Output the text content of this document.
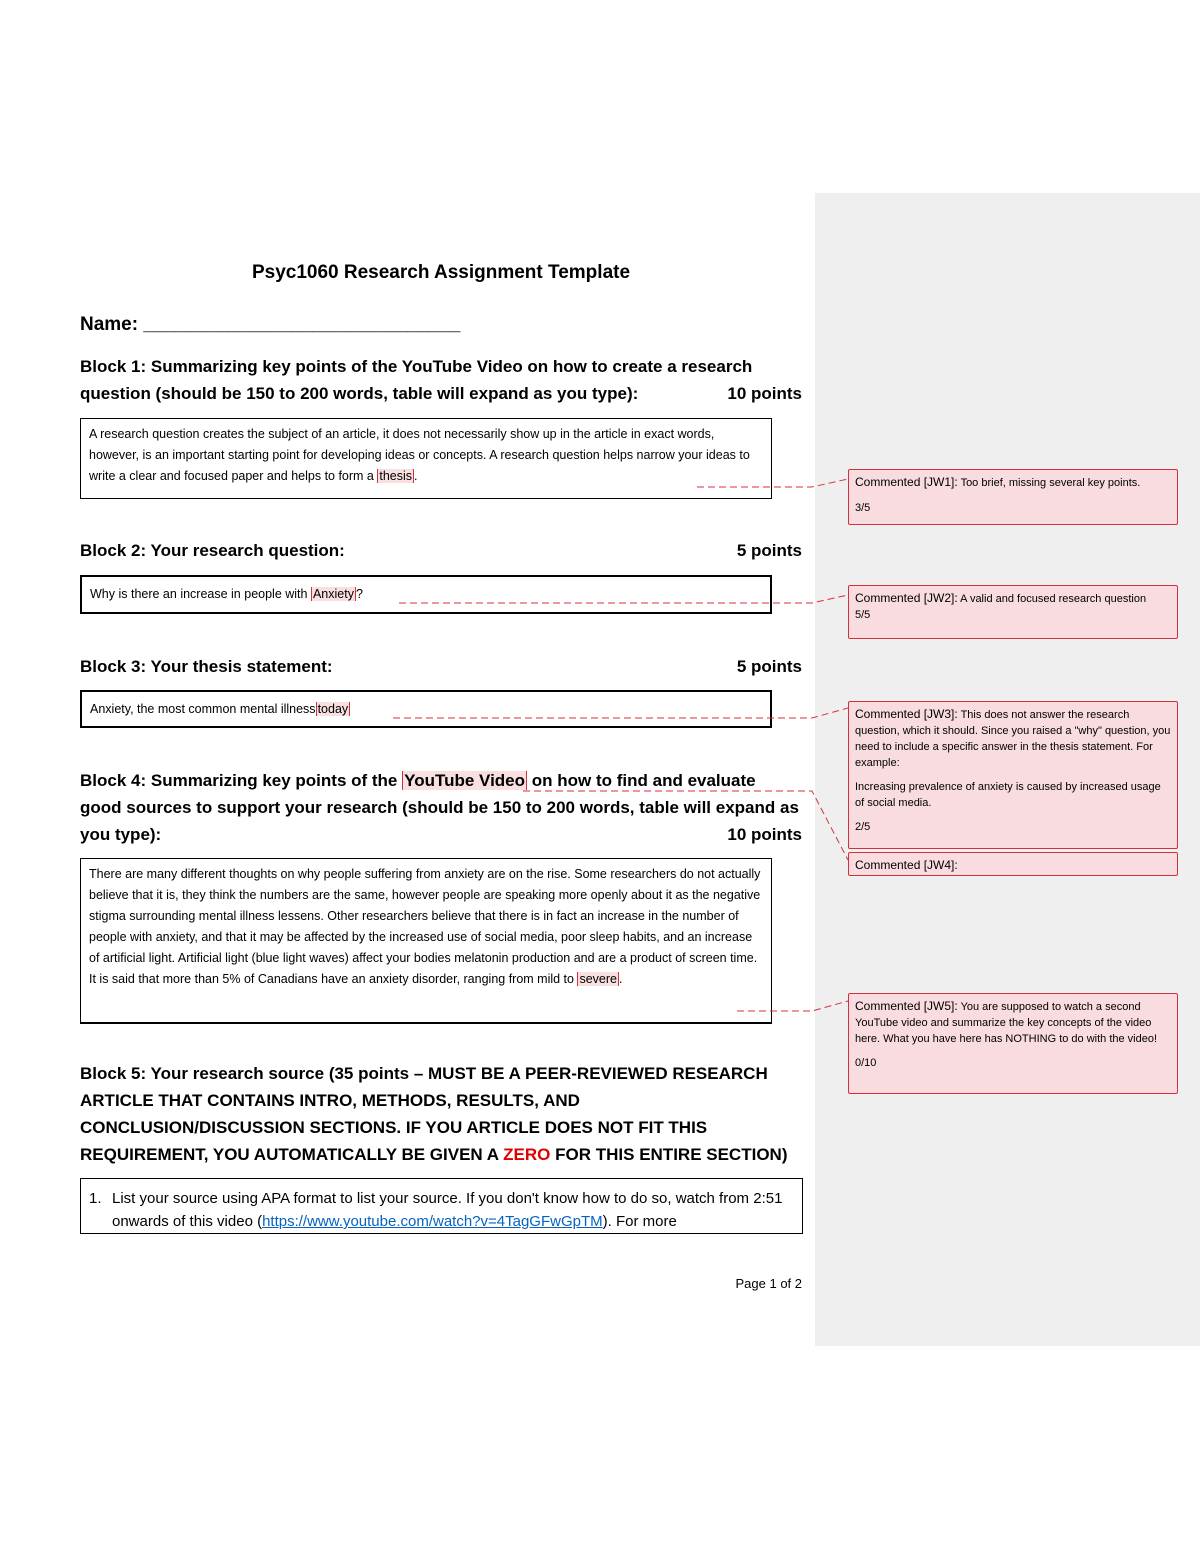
Psyc1060 Research Assignment Template
Name: ______________________________
Block 1: Summarizing key points of the YouTube Video on how to create a research
question (should be 150 to 200 words, table will expand as you type):	10 points
A research question creates the subject of an article, it does not necessarily show up in the article in exact words, however, is an important starting point for developing ideas or concepts. A research question helps narrow your ideas to write a clear and focused paper and helps to form a thesis .
Block 2: Your research question:	5 points
Why is there an increase in people with Anxiety ?
Block 3: Your thesis statement:	5 points
Anxiety, the most common mental illness today
Block 4: Summarizing key points of the YouTube Video on how to find and evaluate
good sources to support your research (should be 150 to 200 words, table will expand as
you type):	10 points
There are many different thoughts on why people suffering from anxiety are on the rise. Some researchers do not actually believe that it is, they think the numbers are the same, however people are speaking more openly about it as the negative stigma surrounding mental illness lessens. Other researchers believe that there is in fact an increase in the number of people with anxiety, and that it may be affected by the increased use of social media, poor sleep habits, and an increase of artificial light. Artificial light (blue light waves) affect your bodies melatonin production and are a product of screen time. It is said that more than 5% of Canadians have an anxiety disorder, ranging from mild to severe .
Block 5: Your research source (35 points – MUST BE A PEER-REVIEWED RESEARCH ARTICLE THAT CONTAINS INTRO, METHODS, RESULTS, AND CONCLUSION/DISCUSSION SECTIONS. IF YOU ARTICLE DOES NOT FIT THIS REQUIREMENT, YOU AUTOMATICALLY BE GIVEN A ZERO FOR THIS ENTIRE SECTION)
1. List your source using APA format to list your source. If you don't know how to do so, watch from 2:51 onwards of this video (https://www.youtube.com/watch?v=4TagGFwGpTM). For more
Page 1 of 2
Commented [JW1]: Too brief, missing several key points.
3/5
Commented [JW2]: A valid and focused research question
5/5
Commented [JW3]: This does not answer the research question, which it should. Since you raised a "why" question, you need to include a specific answer in the thesis statement. For example:
Increasing prevalence of anxiety is caused by increased usage of social media.
2/5
Commented [JW4]:
Commented [JW5]: You are supposed to watch a second YouTube video and summarize the key concepts of the video here. What you have here has NOTHING to do with the video!
0/10
